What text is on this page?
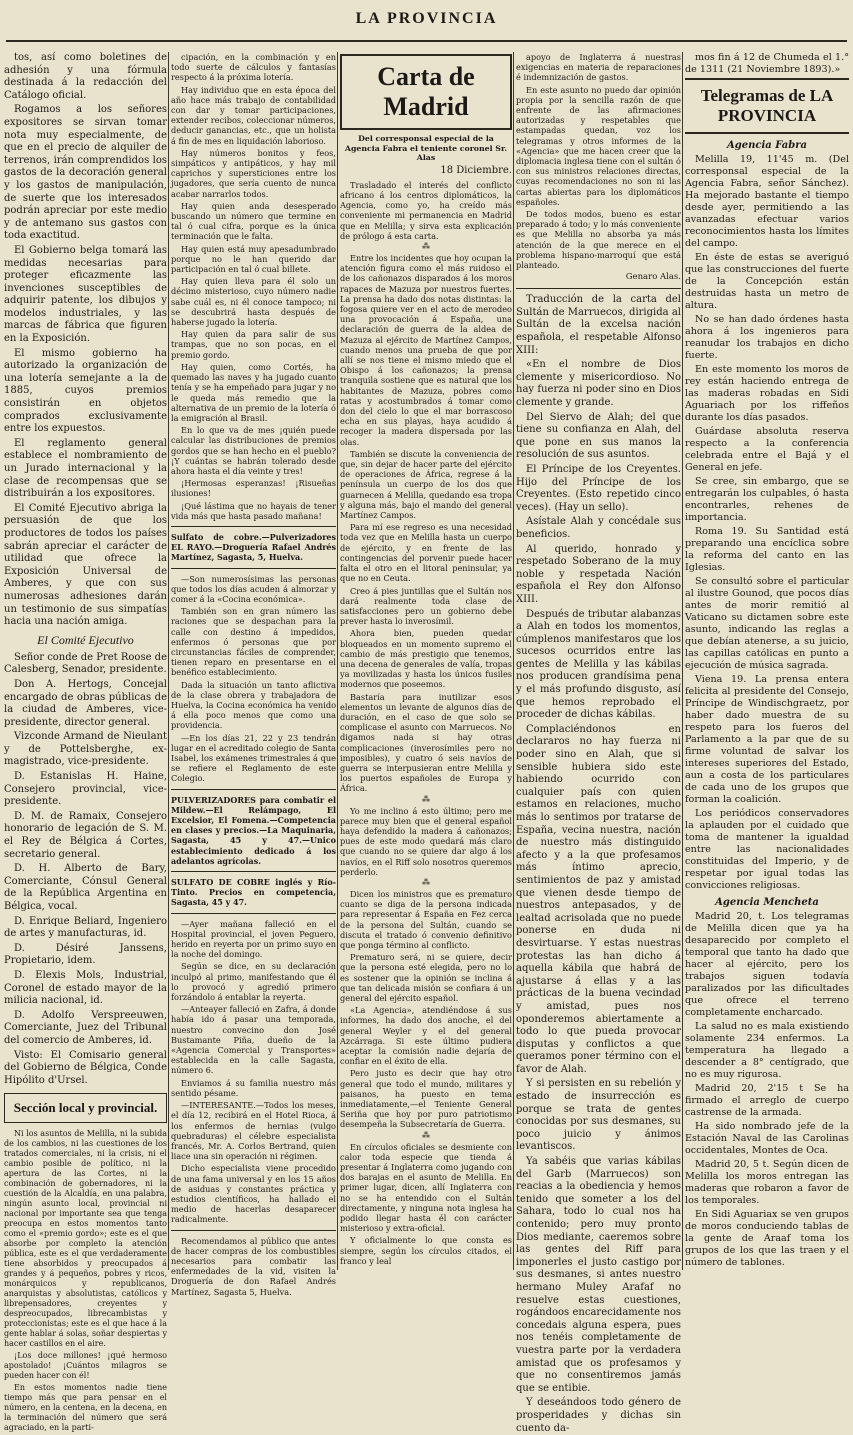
LA PROVINCIA

tos, así como boletines de adhesión y una fórmula destinada á la redacción del Catálogo oficial.

Rogamos a los señores expositores se sirvan tomar nota muy especialmente, de que en el precio de alquiler de terrenos, irán comprendidos los gastos de la decoración general y los gastos de manipulación, de suerte que los interesados podrán apreciar por este medio y de antemano sus gastos con toda exactitud.

El Gobierno belga tomará las medidas necesarias para proteger eficazmente las invenciones susceptibles de adquirir patente, los dibujos y modelos industriales, y las marcas de fábrica que figuren en la Exposición.

El mismo gobierno ha autorizado la organización de una lotería semejante a la de 1885, cuyos premios consistirán en objetos comprados exclusivamente entre los expuestos.

El reglamento general establece el nombramiento de un Jurado internacional y la clase de recompensas que se distribuirán a los expositores.

El Comité Ejecutivo abriga la persuasión de que los productores de todos los países sabrán apreciar el carácter de utilidad que ofrece la Exposición Universal de Amberes, y que con sus numerosas adhesiones darán un testimonio de sus simpatías hacia una nación amiga.

El Comité Ejecutivo

Señor conde de Pret Roose de Calesberg, Senador, presidente.

Don A. Hertogs, Concejal encargado de obras públicas de la ciudad de Amberes, vice-presidente, director general.

Vizconde Armand de Nieulant y de Pottelsberghe, ex-magistrado, vice-presidente.

D. Estanislas H. Haine, Consejero provincial, vice-presidente.

D. M. de Ramaix, Consejero honorario de legación de S. M. el Rey de Bélgica á Cortes, secretario general.

D. H. Alberto de Bary, Comerciante, Cónsul General de la República Argentina en Bélgica, vocal.

D. Enrique Beliard, Ingeniero de artes y manufacturas, id.

D. Désiré Janssens, Propietario, idem.

D. Elexis Mols, Industrial, Coronel de estado mayor de la milicia nacional, id.

D. Adolfo Verspreeuwen, Comerciante, Juez del Tribunal del comercio de Amberes, id.

Visto: El Comisario general del Gobierno de Bélgica, Conde Hipólito d'Ursel.

Sección local y provincial.

Ni los asuntos de Melilla, ni la subida de los cambios, ni las cuestiones de los tratados comerciales, ni la crisis, ni el cambio posible de político, ni la apertura de las Cortes, ni la combinación de gobernadores, ni la cuestión de la Alcaldía, en una palabra, ningún asunto local, provincial ni nacional por importante sea que tenga preocupa en estos momentos tanto como el «premio gordo»; este es el que absorbe por completo la atención pública, este es el que verdaderamente tiene absorbidos y preocupados á grandes y á pequeños, pobres y ricos, monárquicos y republicanos, anarquistas y absolutistas, católicos y librepensadores, creyentes y despreocupados, librecambistas y proteccionistas; este es el que hace á la gente hablar á solas, soñar despiertas y hacer castillos en el aire.

¡Los doce millones! ¡qué hermoso apostolado! ¡Cuántos milagros se pueden hacer con él!

En estos momentos nadie tiene tiempo más que para pensar en el número, en la centena, en la decena, en la terminación del número que será agraciado, en la parti-

cipación, en la combinación y en todo suerte de cálculos y fantasías respecto á la próxima lotería.

Hay individuo que en esta época del año hace más trabajo de contabilidad con dar y tomar participaciones, extender recibos, coleccionar números, deducir ganancias, etc., que un holista á fin de mes en liquidación laborioso.

Hay números bonitos y feos, simpáticos y antipáticos, y hay mil caprichos y supersticiones entre los jugadores, que sería cuento de nunca acabar narrarlos todos.

Hay quien anda desesperado buscando un número que termine en tal ó cual cifra, porque es la única terminación que le falta.

Hay quien está muy apesadumbrado porque no le han querido dar participación en tal ó cual billete.

Hay quien lleva para él solo un décimo misterioso, cuyo número nadie sabe cuál es, ni él conoce tampoco; ni se descubrirá hasta después de haberse jugado la lotería.

Hay quien da para salir de sus trampas, que no son pocas, en el premio gordo.

Hay quien, como Cortés, ha quemado las naves y ha jugado cuanto tenía y se ha empeñado para jugar y no le queda más remedio que la alternativa de un premio de la lotería ó la emigración al Brasil.

En lo que va de mes ¡quién puede calcular las distribuciones de premios gordos que se han hecho en el pueblo? ¡Y cuántas se habrán tolerado desde ahora hasta el día veinte y tres!

¡Hermosas esperanzas! ¡Risueñas ilusiones!

¡Qué lástima que no hayais de tener vida más que hasta pasado mañana!

Sulfato de cobre.—Pulverizadores EL RAYO.—Droguería Rafael Andrés Martínez, Sagasta, 5, Huelva.

—Son numerosísimas las personas que todos los días acuden á almorzar y comer á la «Cocina económica».

También son en gran número las raciones que se despachan para la calle con destino á impedidos, enfermos ó personas que por circunstancias fáciles de comprender, tienen reparo en presentarse en el benéfico establecimiento.

Dada la situación un tanto aflictiva de la clase obrera y trabajadora de Huelva, la Cocina económica ha venido á ella poco menos que como una providencia.

—En los días 21, 22 y 23 tendrán lugar en el acreditado colegio de Santa Isabel, los exámenes trimestrales á que se refiere el Reglamento de este Colegio.

PULVERIZADORES para combatir el Mildew.—El Relámpago, El Excelsior, El Fomena.—Competencia en clases y precios.—La Maquinaria, Sagasta, 45 y 47.—Unico establecimiento dedicado á los adelantos agrícolas.

SULFATO DE COBRE inglés y Río-Tinto. Precios en competencia, Sagasta, 45 y 47.

—Ayer mañana falleció en el Hospital provincial, el joven Peguero, herido en reyerta por un primo suyo en la noche del domingo.

Según se dice, en su declaración inculpó al primo, manifestando que él lo provocó y agredió primero forzándolo á entablar la reyerta.

—Anteayer falleció en Zafra, á donde había ido á pasar una temporada, nuestro convecino don José Bustamante Piña, dueño de la «Agencia Comercial y Transportes» establecida en la calle Sagasta, número 6.

Enviamos á su familia nuestro más sentido pésame.

—INTERESANTE.—Todos los meses, el día 12, recibirá en el Hotel Rioca, á los enfermos de hernias (vulgo quebraduras) el célebre especialista francés, Mr. A. Corlos Bertrand, quien liace una sin operación ni régimen.

Dicho especialista viene procedido de una fama universal y en los 15 años de asiduas y constantes práctica y estudios científicos, ha hallado el medio de hacerlas desaparecer radicalmente.

Recomendamos al público que antes de hacer compras de los combustibles necesarios para combatir las enfermedades de la vid, visiten la Droguería de don Rafael Andrés Martínez, Sagasta 5, Huelva.

Carta de Madrid
Del corresponsal especial de la Agencia Fabra el teniente coronel Sr. Alas
18 Diciembre.

Trasladado el interés del conflicto africano á los centros diplomáticos, la Agencia, como yo, ha creído más conveniente mi permanencia en Madrid que en Melilla; y sirva esta explicación de prólogo á esta carta.

⁂

Entre los incidentes que hoy ocupan la atención figura como el más ruidoso el de los cañonazos disparados á los moros rapaces de Mazuza por nuestros fuertes. La prensa ha dado dos notas distintas: la fogosa quiere ver en el acto de merodeo una provocación á España, una declaración de guerra de la aldea de Mazuza al ejército de Martínez Campos, cuando menos una prueba de que por allí se nos tiene el mismo miedo que el Obispo á los cañonazos; la prensa tranquila sostiene que es natural que los habitantes de Mazuza, pobres como ratas y acostumbrados á tomar como don del cielo lo que el mar borrascoso echa en sus playas, haya acudido á recoger la madera dispersada por las olas.

También se discute la conveniencia de que, sin dejar de hacer parte del ejército de operaciones de África, regrese á la península un cuerpo de los dos que guarnecen á Melilla, quedando esa tropa y alguna más, bajo el mando del general Martínez Campos.

Para mí ese regreso es una necesidad toda vez que en Melilla hasta un cuerpo de ejército, y en frente de las contingencias del porvenir puede hacer falta el otro en el litoral peninsular, ya que no en Ceuta.

Creo á pies juntillas que el Sultán nos dará realmente toda clase de satisfacciones pero un gobierno debe prever hasta lo inverosímil.

Ahora bien, pueden quedar bloqueados en un momento supremo el cambio de más prestigio que tenemos, una decena de generales de valía, tropas ya movilizadas y hasta los únicos fusiles modernos que poseemos.

Bastaría para inutilizar esos elementos un levante de algunos días de duración, en el caso de que solo se complicase el asunto con Marruecos. No digamos nada si hay otras complicaciones (inverosímiles pero no imposibles), y cuatro ó seis navíos de guerra se interpusieran entre Melilla y los puertos españoles de Europa y África.

⁂

Yo me inclino á esto último; pero me parece muy bien que el general español haya defendido la madera á cañonazos; pues de este modo quedará más claro que cuando no se quiere dar algo á los navíos, en el Riff solo nosotros queremos perderlo.

⁂

Dicen los ministros que es prematuro cuanto se diga de la persona indicada para representar á España en Fez cerca de la persona del Sultán, cuando se discuta el tratado ó convenio definitivo que ponga término al conflicto.

Prematuro será, ni se quiere, decir que la persona esté elegida, pero no lo es sostener que la opinión se inclina á que tan delicada misión se confiara á un general del ejército español.

«La Agencia», atendiéndose á sus informes, ha dado dos anoche, el del general Weyler y el del general Azcárraga. Si este último pudiera aceptar la comisión nadie dejaría de confiar en el éxito de ella.

Pero justo es decir que hay otro general que todo el mundo, militares y paisanos, ha puesto en tema inmediatamente,—el Teniente General Seriña que hoy por puro patriotismo desempeña la Subsecretaría de Guerra.

⁂

En círculos oficiales se desmiente con calor toda especie que tienda á presentar á Inglaterra como jugando con dos barajas en el asunto de Melilla. En primer lugar, dicen, allí Inglaterra con no se ha entendido con el Sultán directamente, y ninguna nota inglesa ha podido llegar hasta él con carácter misterioso y extra-oficial.

Y oficialmente lo que consta es siempre, según los círculos citados, el franco y leal

apoyo de Inglaterra á nuestras exigencias en materia de reparaciones é indemnización de gastos.

En este asunto no puedo dar opinión propia por la sencilla razón de que enfrente de las afirmaciones autorizadas y respetables que estampadas quedan, voz los telegramas y otros informes de la «Agencia» que me hacen creer que la diplomacia inglesa tiene con el sultán ó con sus ministros relaciones directas, cuyas recomendaciones no son ni las cartas abiertas para los diplomáticos españoles.

De todos modos, bueno es estar preparado á todo; y lo más conveniente es que Melilla no absorba ya más atención de la que merece en el problema hispano-marroquí que está planteado.

Genaro Alas.

Traducción de la carta del Sultán de Marruecos, dirigida al Sultán de la excelsa nación española, el respetable Alfonso XIII:

«En el nombre de Dios clemente y misericordioso. No hay fuerza ni poder sino en Dios clemente y grande.

Del Siervo de Alah; del que tiene su confianza en Alah, del que pone en sus manos la resolución de sus asuntos.

El Príncipe de los Creyentes. Hijo del Príncipe de los Creyentes. (Esto repetido cinco veces). (Hay un sello).

Asístale Alah y concédale sus beneficios.

Al querido, honrado y respetado Soberano de la muy noble y respetada Nación española el Rey don Alfonso XIII.

Después de tributar alabanzas a Alah en todos los momentos, cúmplenos manifestaros que los sucesos ocurridos entre las gentes de Melilla y las kábilas nos producen grandísima pena y el más profundo disgusto, así que hemos reprobado el proceder de dichas kábilas.

Complaciéndonos en declararos no hay fuerza ni poder sino en Alah, que si sensible hubiera sido este habiendo ocurrido con cualquier país con quien estamos en relaciones, mucho más lo sentimos por tratarse de España, vecina nuestra, nación de nuestro más distinguido afecto y a la que profesamos más íntimo aprecio, sentimientos de paz y amistad que vienen desde tiempo de nuestros antepasados, y de lealtad acrisolada que no puede ponerse en duda ni desvirtuarse. Y estas nuestras protestas las han dicho á aquella kábila que habrá de ajustarse á ellas y a las prácticas de la buena vecindad y amistad, pues nos oponderemos abiertamente a todo lo que pueda provocar disputas y conflictos a que queramos poner término con el favor de Alah.

Y si persisten en su rebelión y estado de insurrección es porque se trata de gentes conocidas por sus desmanes, su poco juicio y ánimos levantiscos.

Ya sabéis que varias kábilas del Garb (Marruecos) son reacias a la obediencia y hemos tenido que someter a los del Sahara, todo lo cual nos ha contenido; pero muy pronto Dios mediante, caeremos sobre las gentes del Riff para imponerles el justo castigo por sus desmanes, si antes nuestro hermano Muley Arafaf no resuelve estas cuestiones, rogándoos encarecidamente nos concedais alguna espera, pues nos tenéis completamente de vuestra parte por la verdadera amistad que os profesamos y que no consentiremos jamás que se entibie.

Y deseándoos todo género de prosperidades y dichas sin cuento da-

mos fin á 12 de Chumeda el 1.° de 1311 (21 Noviembre 1893).»

Telegramas de LA PROVINCIA
Agencia Fabra

Melilla 19, 11'45 m. (Del corresponsal especial de la Agencia Fabra, señor Sánchez). Ha mejorado bastante el tiempo desde ayer, permitiendo a las avanzadas efectuar varios reconocimientos hasta los límites del campo.

En éste de estas se averiguó que las construcciones del fuerte de la Concepción están destruidas hasta un metro de altura.

No se han dado órdenes hasta ahora á los ingenieros para reanudar los trabajos en dicho fuerte.

En este momento los moros de rey están haciendo entrega de las maderas robadas en Sidi Aguariach por los riffeños durante los días pasados.

Guárdase absoluta reserva respecto a la conferencia celebrada entre el Bajá y el General en jefe.

Se cree, sin embargo, que se entregarán los culpables, ó hasta encontrarles, rehenes de importancia.

Roma 19. Su Santidad está preparando una encíclica sobre la reforma del canto en las Iglesias.

Se consultó sobre el particular al ilustre Gounod, que pocos días antes de morir remitió al Vaticano su dictamen sobre este asunto, indicando las reglas a que debían atenerse, a su juicio, las capillas católicas en punto a ejecución de música sagrada.

Viena 19. La prensa entera felicita al presidente del Consejo, Príncipe de Windischgraetz, por haber dado muestra de su respeto para los fueros del Parlamento a la par que de su firme voluntad de salvar los intereses superiores del Estado, aun a costa de los particulares de cada uno de los grupos que forman la coalición.

Los periódicos conservadores la aplauden por el cuidado que toma de mantener la igualdad entre las nacionalidades constituidas del Imperio, y de respetar por igual todas las convicciones religiosas.

Agencia Mencheta

Madrid 20, t. Los telegramas de Melilla dicen que ya ha desaparecido por completo el temporal que tanto ha dado que hacer al ejército, pero los trabajos siguen todavía paralizados por las dificultades que ofrece el terreno completamente encharcado.

La salud no es mala existiendo solamente 234 enfermos. La temperatura ha llegado a descender a 8° centígrado, que no es muy rigurosa.

Madrid 20, 2'15 t Se ha firmado el arreglo de cuerpo castrense de la armada.

Ha sido nombrado jefe de la Estación Naval de las Carolinas occidentales, Montes de Oca.

Madrid 20, 5 t. Según dicen de Melilla los moros entregan las maderas que robaron a favor de los temporales.

En Sidi Aguariax se ven grupos de moros conduciendo tablas de la gente de Araaf toma los grupos de los que las traen y el número de tablones.
